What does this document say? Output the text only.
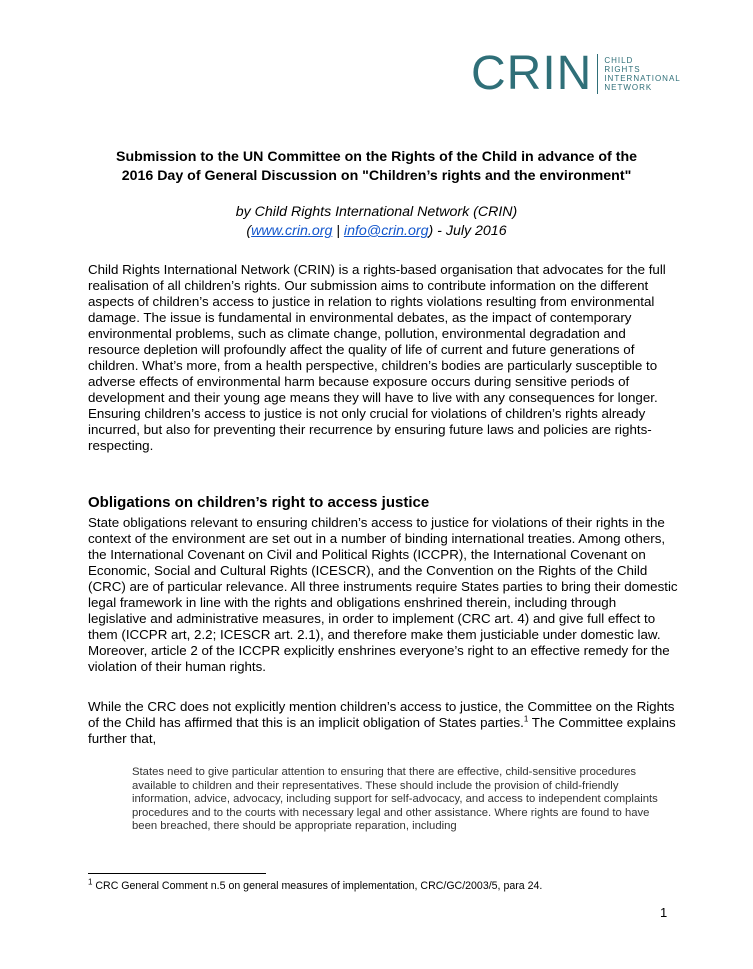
CRIN CHILD
RIGHTS
INTERNATIONAL
NETWORK
Submission to the UN Committee on the Rights of the Child in advance of the
2016 Day of General Discussion on "Children’s rights and the environment"
by Child Rights International Network (CRIN)
(www.crin.org | info@crin.org) - July 2016
Child Rights International Network (CRIN) is a rights-based organisation that advocates for the full realisation of all children’s rights. Our submission aims to contribute information on the different aspects of children’s access to justice in relation to rights violations resulting from environmental damage. The issue is fundamental in environmental debates, as the impact of contemporary environmental problems, such as climate change, pollution, environmental degradation and resource depletion will profoundly affect the quality of life of current and future generations of children. What’s more, from a health perspective, children’s bodies are particularly susceptible to adverse effects of environmental harm because exposure occurs during sensitive periods of development and their young age means they will have to live with any consequences for longer. Ensuring children’s access to justice is not only crucial for violations of children’s rights already incurred, but also for preventing their recurrence by ensuring future laws and policies are rights-respecting.
Obligations on children’s right to access justice
State obligations relevant to ensuring children’s access to justice for violations of their rights in the context of the environment are set out in a number of binding international treaties. Among others, the International Covenant on Civil and Political Rights (ICCPR), the International Covenant on Economic, Social and Cultural Rights (ICESCR), and the Convention on the Rights of the Child (CRC) are of particular relevance. All three instruments require States parties to bring their domestic legal framework in line with the rights and obligations enshrined therein, including through legislative and administrative measures, in order to implement (CRC art. 4) and give full effect to them (ICCPR art, 2.2; ICESCR art. 2.1), and therefore make them justiciable under domestic law. Moreover, article 2 of the ICCPR explicitly enshrines everyone’s right to an effective remedy for the violation of their human rights.
While the CRC does not explicitly mention children’s access to justice, the Committee on the Rights of the Child has affirmed that this is an implicit obligation of States parties.$^1$ The Committee explains further that,
States need to give particular attention to ensuring that there are effective, child-sensitive procedures available to children and their representatives. These should include the provision of child-friendly information, advice, advocacy, including support for self-advocacy, and access to independent complaints procedures and to the courts with necessary legal and other assistance. Where rights are found to have been breached, there should be appropriate reparation, including
$^1$ CRC General Comment n.5 on general measures of implementation, CRC/GC/2003/5, para 24.
1
